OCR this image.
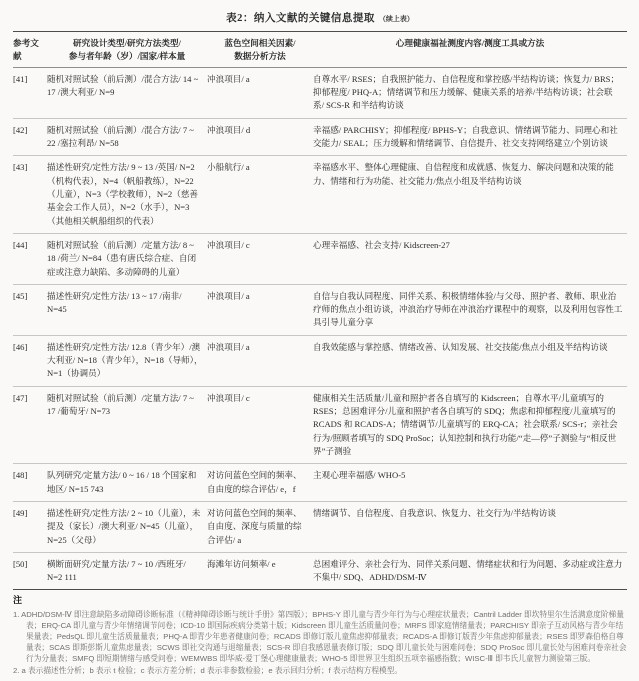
表2：纳入文献的关键信息提取 （续上表）
参考文献

研究设计类型/研究方法类型/
参与者年龄（岁）/国家/样本量

蓝色空间相关因素/
数据分析方法

心理健康福祉测度内容/测度工具或方法

[41]	随机对照试验（前后测）/混合方法/ 14 ~ 17 /澳大利亚/ N=9	冲浪项目/ a	自尊水平/ RSES；自我照护能力、自信程度和掌控感/半结构访谈；恢复力/ BRS；抑郁程度/ PHQ-A；情绪调节和压力缓解、健康关系的培养/半结构访谈；社会联系/ SCS-R 和半结构访谈
[42]	随机对照试验（前后测）/混合方法/ 7 ~ 22 /塞拉利昂/ N=58	冲浪项目/ d	幸福感/ PARCHISY；抑郁程度/ BPHS-Y；自我意识、情绪调节能力、同理心和社交能力/ SEAL；压力缓解和情绪调节、自信提升、社交支持网络建立/个别访谈
[43]	描述性研究/定性方法/ 9 ~ 13 /英国/ N=2（机构代表），N=4（帆船教练），N=22（儿童），N=3（学校教师），N=2（慈善基金会工作人员），N=2（水手），N=3（其他相关帆船组织的代表）	小船航行/ a	幸福感水平、整体心理健康、自信程度和成就感、恢复力、解决问题和决策的能力、情绪和行为功能、社交能力/焦点小组及半结构访谈
[44]	随机对照试验（前后测）/定量方法/ 8 ~ 18 /荷兰/ N=84（患有唐氏综合症、自闭症或注意力缺陷、多动障碍的儿童）	冲浪项目/ c	心理幸福感、社会支持/ Kidscreen-27
[45]	描述性研究/定性方法/ 13 ~ 17 /南非/ N=45	冲浪项目/ a	自信与自我认同程度、同伴关系、积极情绪体验/与父母、照护者、教师、职业治疗师的焦点小组访谈，冲浪治疗导师在冲浪治疗课程中的观察，以及利用包容性工具引导儿童分享
[46]	描述性研究/定性方法/ 12.8（青少年）/澳大利亚/ N=18（青少年），N=18（导师），N=1（协调员）	冲浪项目/ a	自我效能感与掌控感、情绪改善、认知发展、社交技能/焦点小组及半结构访谈
[47]	随机对照试验（前后测）/定量方法/ 7 ~ 17 /葡萄牙/ N=73	冲浪项目/ c	健康相关生活质量/儿童和照护者各自填写的 Kidscreen；自尊水平/儿童填写的 RSES；总困难评分/儿童和照护者各自填写的 SDQ；焦虑和抑郁程度/儿童填写的 RCADS 和 RCADS-A；情绪调节/儿童填写的 ERQ-CA；社会联系/ SCS-r；亲社会行为/照顾者填写的 SDQ ProSoc；认知控制和执行功能/“走—停”子测验与“相反世界”子测验
[48]	队列研究/定量方法/ 0 ~ 16 / 18 个国家和地区/ N=15 743	对访问蓝色空间的频率、自由度的综合评估/ e，f	主观心理幸福感/ WHO-5
[49]	描述性研究/定性方法/ 2 ~ 10（儿童），未提及（家长）/澳大利亚/ N=45（儿童），N=25（父母）	对访问蓝色空间的频率、自由度、深度与质量的综合评估/ a	情绪调节、自信程度、自我意识、恢复力、社交行为/半结构访谈
[50]	横断面研究/定量方法/ 7 ~ 10 /西班牙/ N=2 111	海滩年访问频率/ e	总困难评分、亲社会行为、同伴关系问题、情绪症状和行为问题、多动症或注意力不集中/ SDQ、ADHD/DSM-Ⅳ
注
1. ADHD/DSM-Ⅳ 即注意缺陷多动障碍诊断标准（《精神障碍诊断与统计手册》第四版）；BPHS-Y 即儿童与青少年行为与心理症状量表；Cantril Ladder 即坎特里尔生活满意度阶梯量表；ERQ-CA 即儿童与青少年情绪调节问卷；ICD-10 即国际疾病分类第十版；Kidscreen 即儿童生活质量问卷；MRFS 即家庭情绪量表；PARCHISY 即亲子互动风格与青少年结果量表；PedsQL 即儿童生活质量量表；PHQ-A 即青少年患者健康问卷；RCADS 即修订版儿童焦虑抑郁量表；RCADS-A 即修订版青少年焦虑抑郁量表；RSES 即罗森伯格自尊量表；SCAS 即斯彭斯儿童焦虑量表；SCWS 即社交沟通与退缩量表；SCS-R 即自我感恩量表修订版；SDQ 即儿童长处与困难问卷；SDQ ProSoc 即儿童长处与困难问卷亲社会行为分量表；SMFQ 即短期情绪与感受问卷；WEMWBS 即华威-爱丁堡心理健康量表；WHO-5 即世界卫生组织五项幸福感指数；WISC-Ⅲ 即韦氏儿童智力测验第三版。
2. a 表示描述性分析；b 表示 t 检验；c 表示方差分析；d 表示非参数检验；e 表示回归分析；f 表示结构方程模型。
